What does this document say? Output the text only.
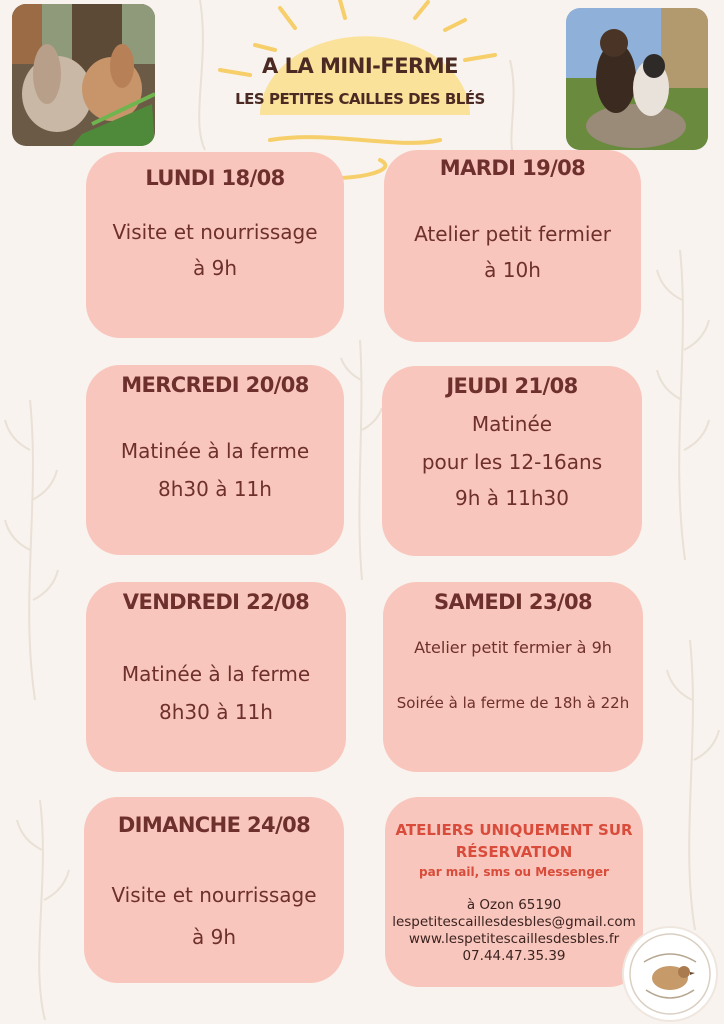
A LA MINI-FERME
LES PETITES CAILLES DES BLÉS
LUNDI 18/08
Visite et nourrissage
à 9h
MARDI 19/08
Atelier petit fermier
à 10h
MERCREDI 20/08
Matinée à la ferme
8h30 à 11h
JEUDI 21/08
Matinée
pour les 12-16ans
9h à 11h30
VENDREDI 22/08
Matinée à la ferme
8h30 à 11h
SAMEDI 23/08
Atelier petit fermier à 9h
Soirée à la ferme de 18h à 22h
DIMANCHE 24/08
Visite et nourrissage
à 9h
ATELIERS UNIQUEMENT SUR
RÉSERVATION
par mail, sms ou Messenger
à Ozon 65190
lespetitescaillesdesbles@gmail.com
www.lespetitescaillesdesbles.fr
07.44.47.35.39
